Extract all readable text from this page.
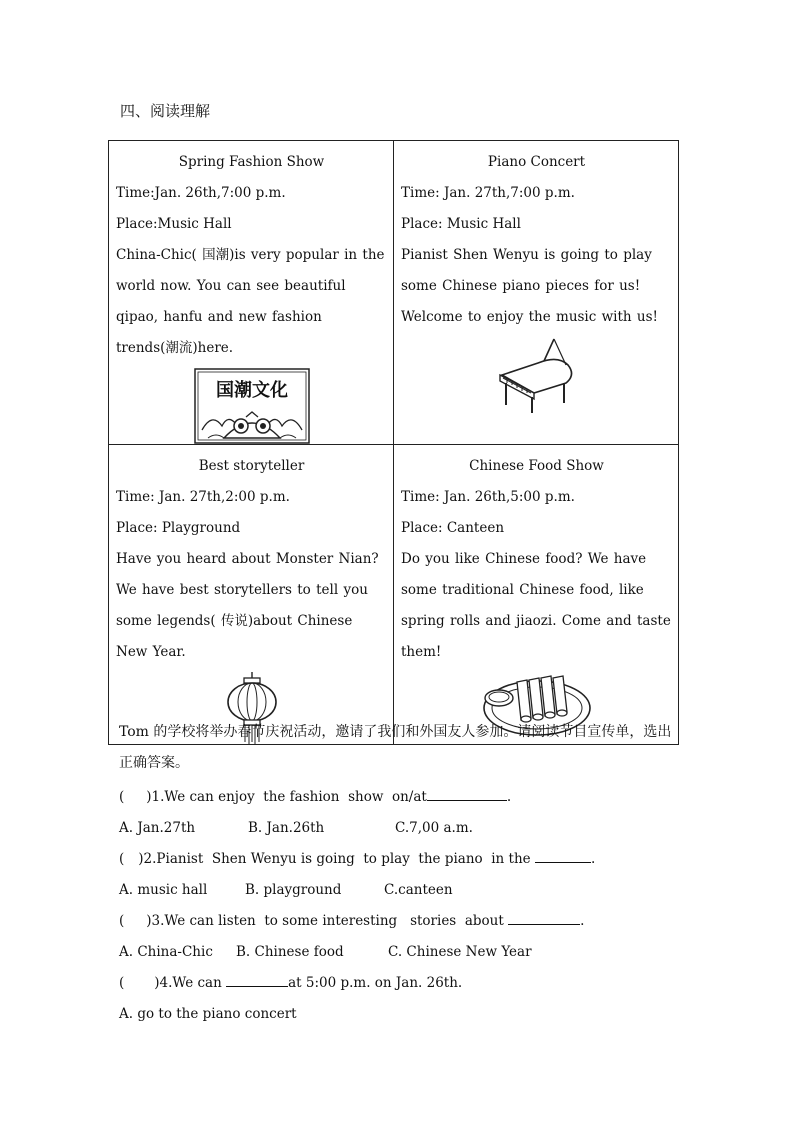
四、阅读理解
Spring Fashion Show
Time:Jan. 26th,7:00 p.m.
Place:Music Hall
China-Chic( 国潮)is very popular in the world now. You can see beautiful qipao, hanfu and new fashion trends(潮流)here.
国潮文化	Piano Concert
Time: Jan. 27th,7:00 p.m.
Place: Music Hall
Pianist Shen Wenyu is going to play some Chinese piano pieces for us! Welcome to enjoy the music with us!

Best storyteller
Time: Jan. 27th,2:00 p.m.
Place: Playground
Have you heard about Monster Nian? We have best storytellers to tell you some legends( 传说)about Chinese New Year.	Chinese Food Show
Time: Jan. 26th,5:00 p.m.
Place: Canteen
Do you like Chinese food? We have some traditional Chinese food, like spring rolls and jiaozi. Come and taste them!
Tom 的学校将举办春节庆祝活动，邀请了我们和外国友人参加。请阅读节目宣传单，选出正确答案。
( )1.We can enjoy  the fashion  show  on/at	.
A. Jan.27th	B. Jan.26th	C.7,00 a.m.
( )2.Pianist  Shen Wenyu is going  to play  the piano  in the	.
A. music hall	B. playground	C.canteen
( )3.We can listen  to some interesting   stories  about	.
A. China-Chic B. Chinese food	C. Chinese New Year
( )4.We can	at 5:00 p.m. on Jan. 26th.
A. go to the piano concert
